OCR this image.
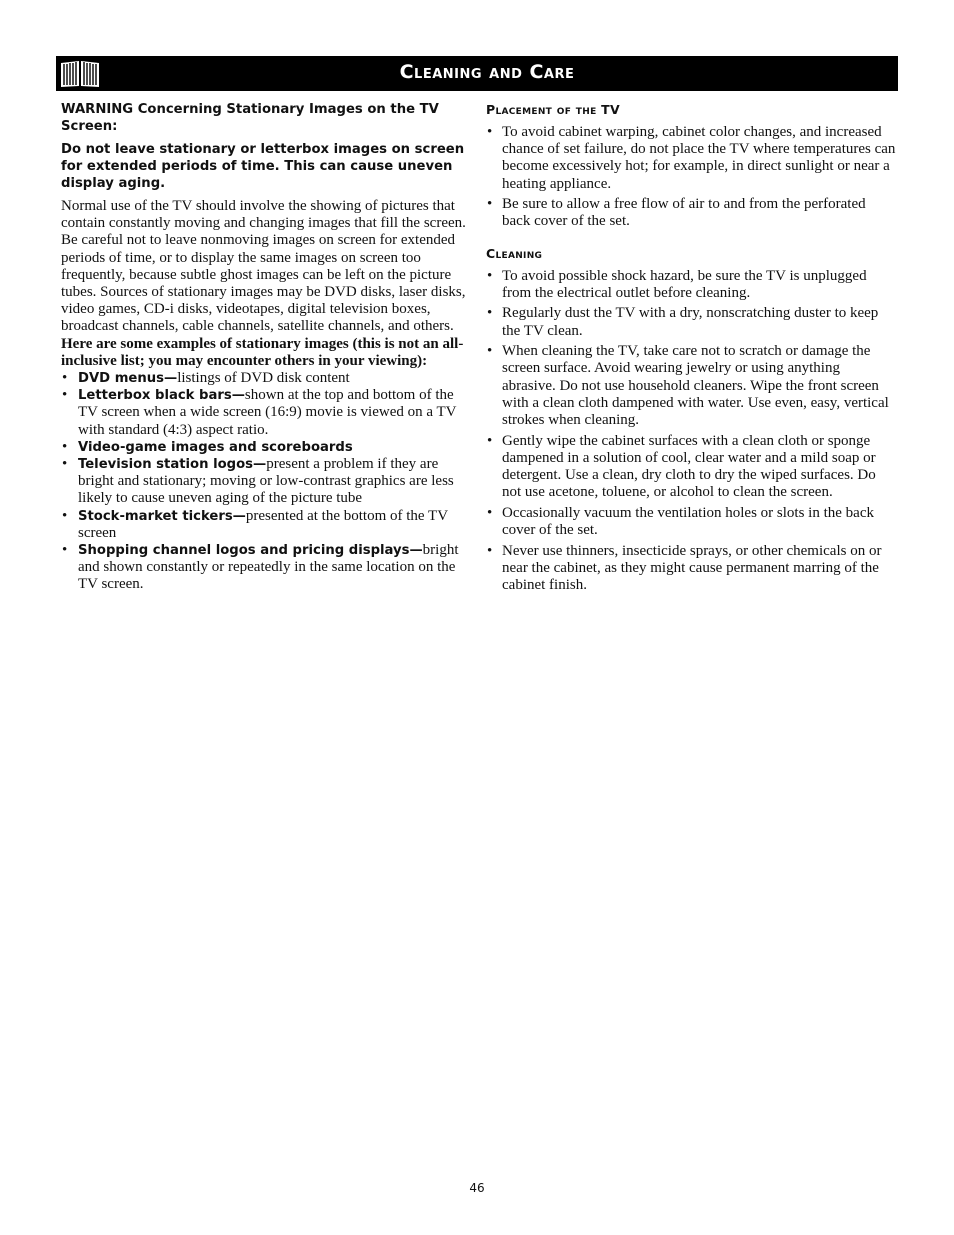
Cleaning and Care

WARNING Concerning Stationary Images on the TV Screen:

Do not leave stationary or letterbox images on screen for extended periods of time. This can cause uneven display aging.

Normal use of the TV should involve the showing of pictures that contain constantly moving and changing images that fill the screen. Be careful not to leave nonmoving images on screen for extended periods of time, or to display the same images on screen too frequently, because subtle ghost images can be left on the picture tubes. Sources of stationary images may be DVD disks, laser disks, video games, CD-i disks, videotapes, digital television boxes, broadcast channels, cable channels, satellite channels, and others. Here are some examples of stationary images (this is not an all-inclusive list; you may encounter others in your viewing):

• DVD menus—listings of DVD disk content
• Letterbox black bars—shown at the top and bottom of the TV screen when a wide screen (16:9) movie is viewed on a TV with standard (4:3) aspect ratio.
• Video-game images and scoreboards
• Television station logos—present a problem if they are bright and stationary; moving or low-contrast graphics are less likely to cause uneven aging of the picture tube
• Stock-market tickers—presented at the bottom of the TV screen
• Shopping channel logos and pricing displays—bright and shown constantly or repeatedly in the same location on the TV screen.

Placement of the TV

• To avoid cabinet warping, cabinet color changes, and increased chance of set failure, do not place the TV where temperatures can become excessively hot; for example, in direct sunlight or near a heating appliance.
• Be sure to allow a free flow of air to and from the perforated back cover of the set.

Cleaning

• To avoid possible shock hazard, be sure the TV is unplugged from the electrical outlet before cleaning.
• Regularly dust the TV with a dry, nonscratching duster to keep the TV clean.
• When cleaning the TV, take care not to scratch or damage the screen surface. Avoid wearing jewelry or using anything abrasive. Do not use household cleaners. Wipe the front screen with a clean cloth dampened with water. Use even, easy, vertical strokes when cleaning.
• Gently wipe the cabinet surfaces with a clean cloth or sponge dampened in a solution of cool, clear water and a mild soap or detergent. Use a clean, dry cloth to dry the wiped surfaces. Do not use acetone, toluene, or alcohol to clean the screen.
• Occasionally vacuum the ventilation holes or slots in the back cover of the set.
• Never use thinners, insecticide sprays, or other chemicals on or near the cabinet, as they might cause permanent marring of the cabinet finish.
46
